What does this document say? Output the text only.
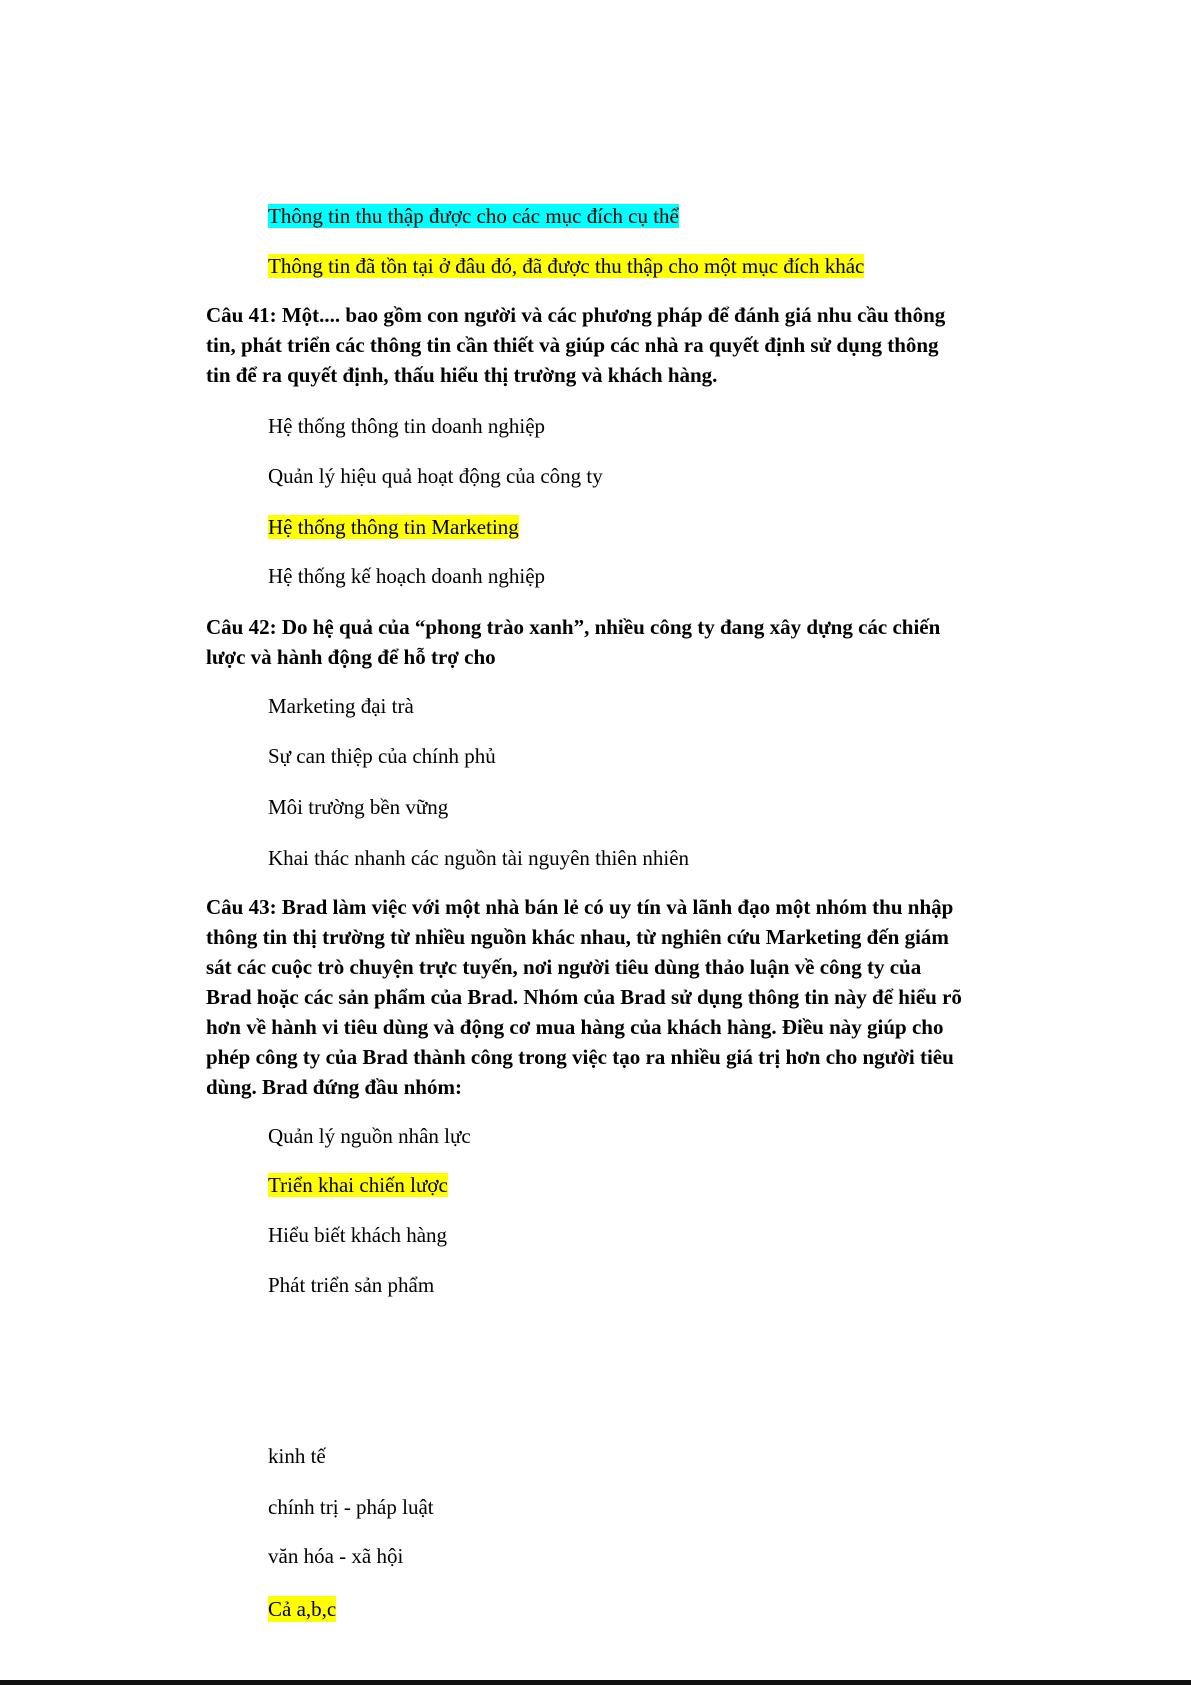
Thông tin thu thập được cho các mục đích cụ thể
Thông tin đã tồn tại ở đâu đó, đã được thu thập cho một mục đích khác
Câu 41: Một.... bao gồm con người và các phương pháp để đánh giá nhu cầu thông tin, phát triển các thông tin cần thiết và giúp các nhà ra quyết định sử dụng thông tin để ra quyết định, thấu hiểu thị trường và khách hàng.
Hệ thống thông tin doanh nghiệp
Quản lý hiệu quả hoạt động của công ty
Hệ thống thông tin Marketing
Hệ thống kế hoạch doanh nghiệp
Câu 42: Do hệ quả của “phong trào xanh”, nhiều công ty đang xây dựng các chiến lược và hành động để hỗ trợ cho
Marketing đại trà
Sự can thiệp của chính phủ
Môi trường bền vững
Khai thác nhanh các nguồn tài nguyên thiên nhiên
Câu 43: Brad làm việc với một nhà bán lẻ có uy tín và lãnh đạo một nhóm thu nhập thông tin thị trường từ nhiều nguồn khác nhau, từ nghiên cứu Marketing đến giám sát các cuộc trò chuyện trực tuyến, nơi người tiêu dùng thảo luận về công ty của Brad hoặc các sản phẩm của Brad. Nhóm của Brad sử dụng thông tin này để hiểu rõ hơn về hành vi tiêu dùng và động cơ mua hàng của khách hàng. Điều này giúp cho phép công ty của Brad thành công trong việc tạo ra nhiều giá trị hơn cho người tiêu dùng. Brad đứng đầu nhóm:
Quản lý nguồn nhân lực
Triển khai chiến lược
Hiểu biết khách hàng
Phát triển sản phẩm
kinh tế
chính trị - pháp luật
văn hóa - xã hội
Cả a,b,c
